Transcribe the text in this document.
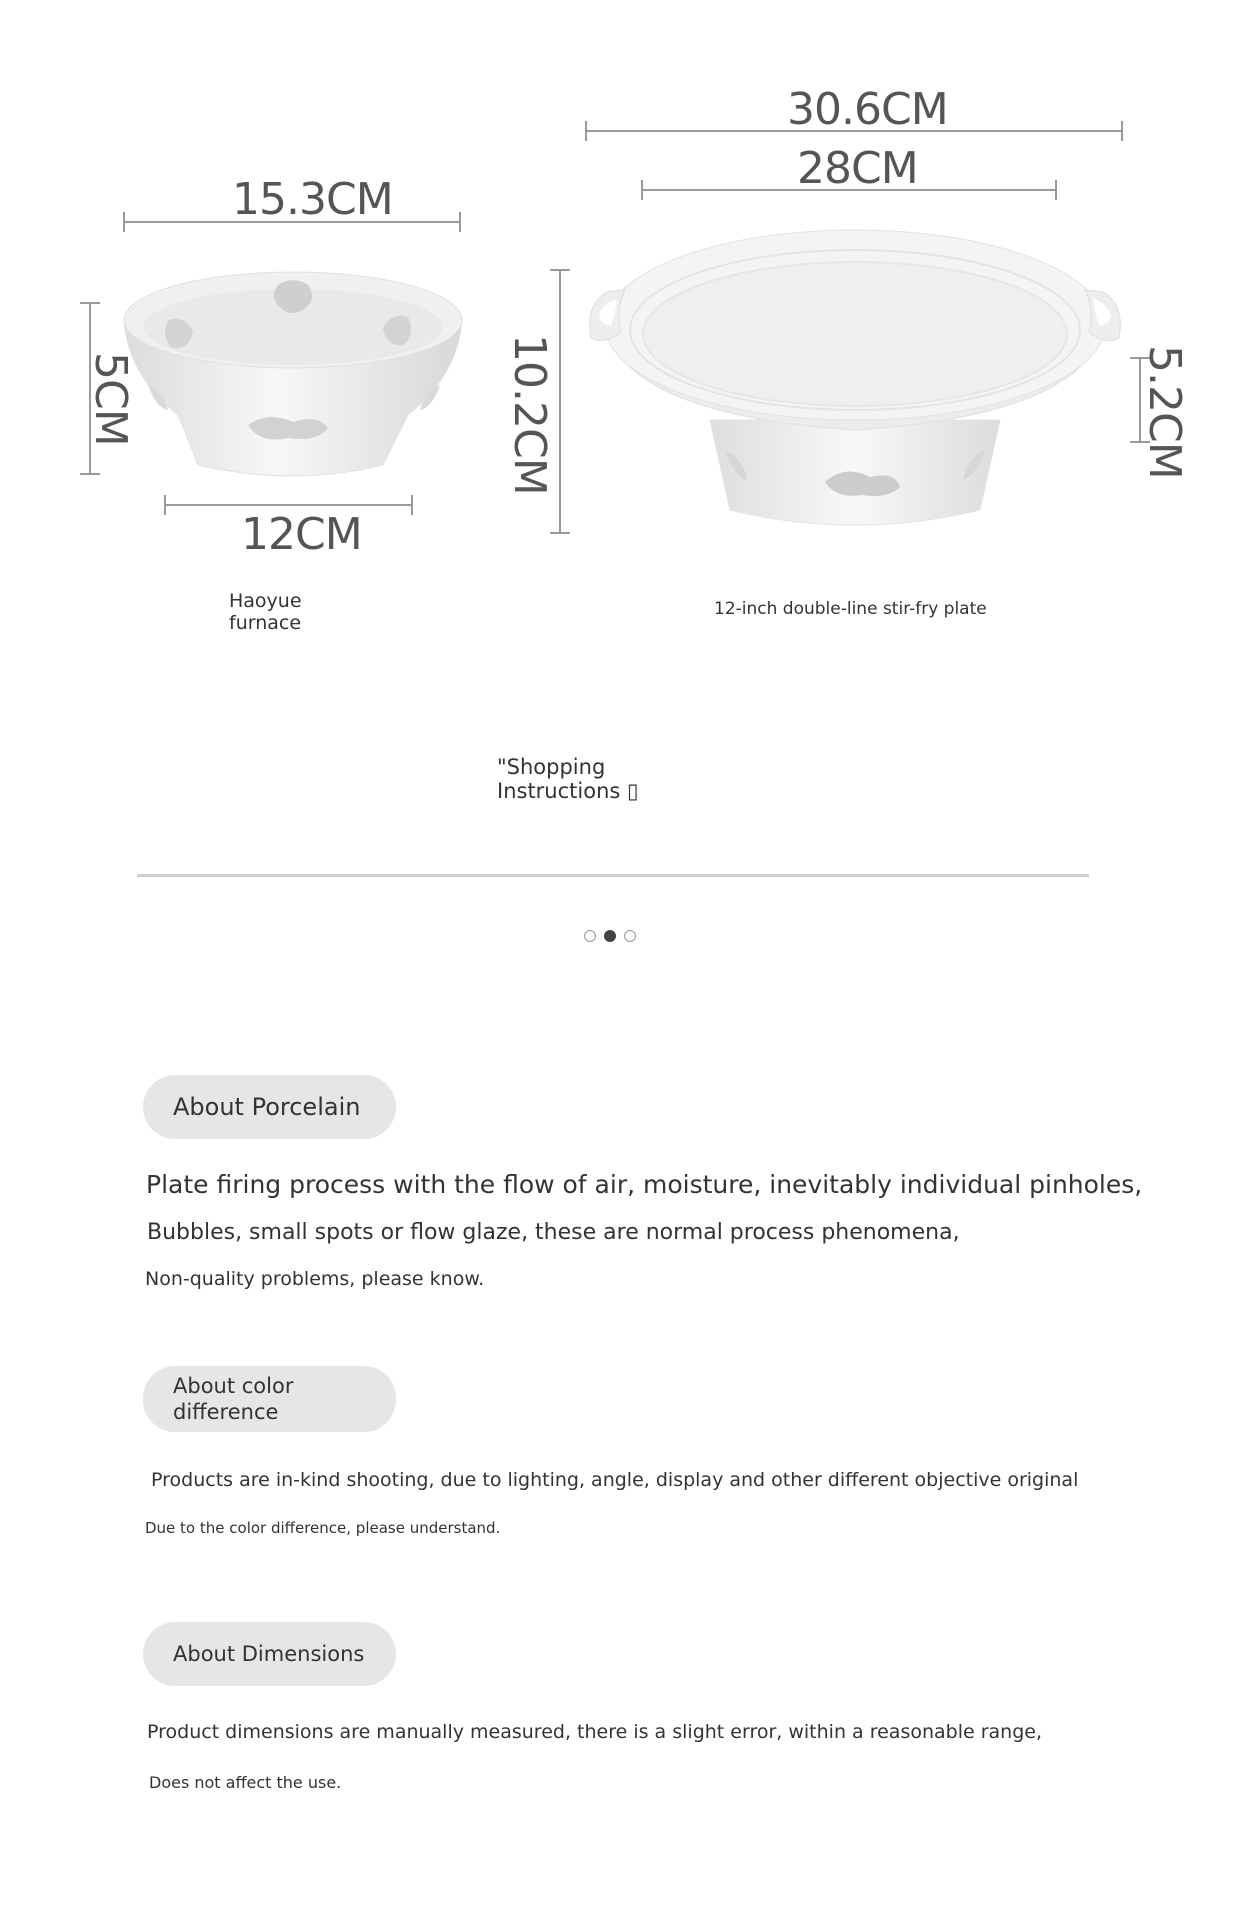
15.3CM
5CM
12CM
30.6CM
28CM
10.2CM	5.2CM
Haoyue furnace
12-inch double-line stir-fry plate
"Shopping Instructions ▯
About Porcelain
Plate firing process with the flow of air, moisture, inevitably individual pinholes,
Bubbles, small spots or flow glaze, these are normal process phenomena,
Non-quality problems, please know.
About color difference
Products are in-kind shooting, due to lighting, angle, display and other different objective original
Due to the color difference, please understand.
About Dimensions
Product dimensions are manually measured, there is a slight error, within a reasonable range,
Does not affect the use.
